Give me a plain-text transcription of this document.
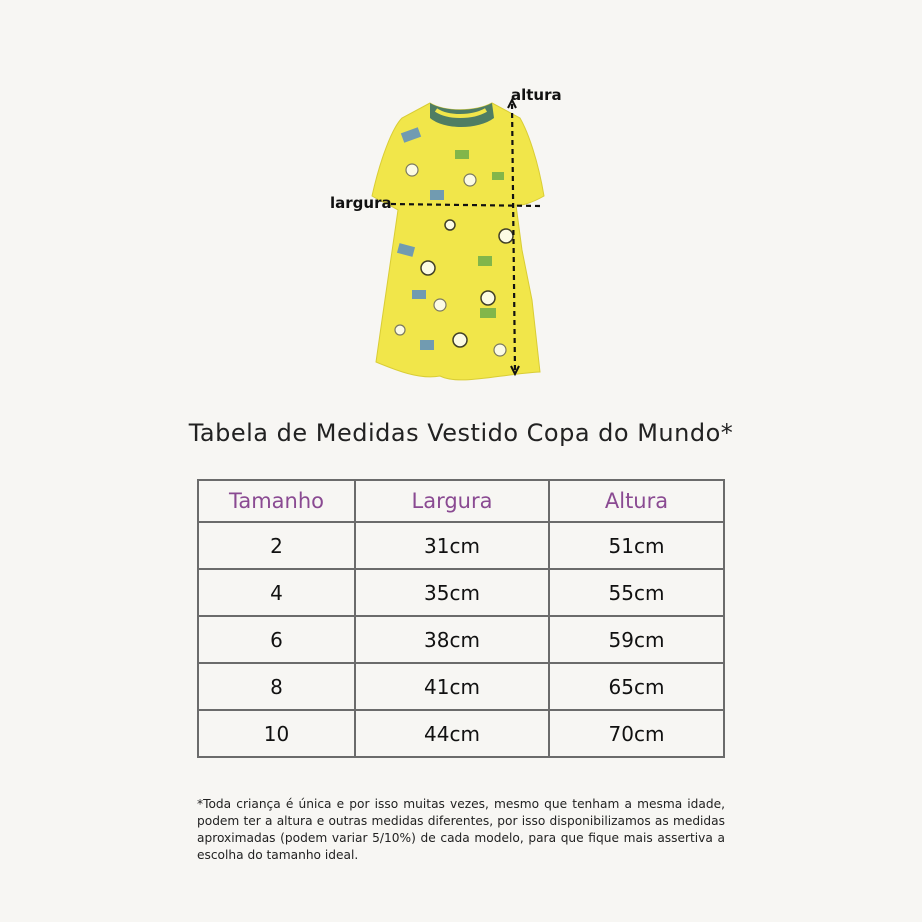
altura
largura
Tabela de Medidas Vestido Copa do Mundo*
Tamanho	Largura	Altura
2	31cm	51cm
4	35cm	55cm
6	38cm	59cm
8	41cm	65cm
10	44cm	70cm
*Toda criança é única e por isso muitas vezes, mesmo que tenham a mesma idade, podem ter a altura e outras medidas diferentes, por isso disponibilizamos as medidas aproximadas (podem variar 5/10%) de cada modelo, para que fique mais assertiva a escolha do tamanho ideal.
